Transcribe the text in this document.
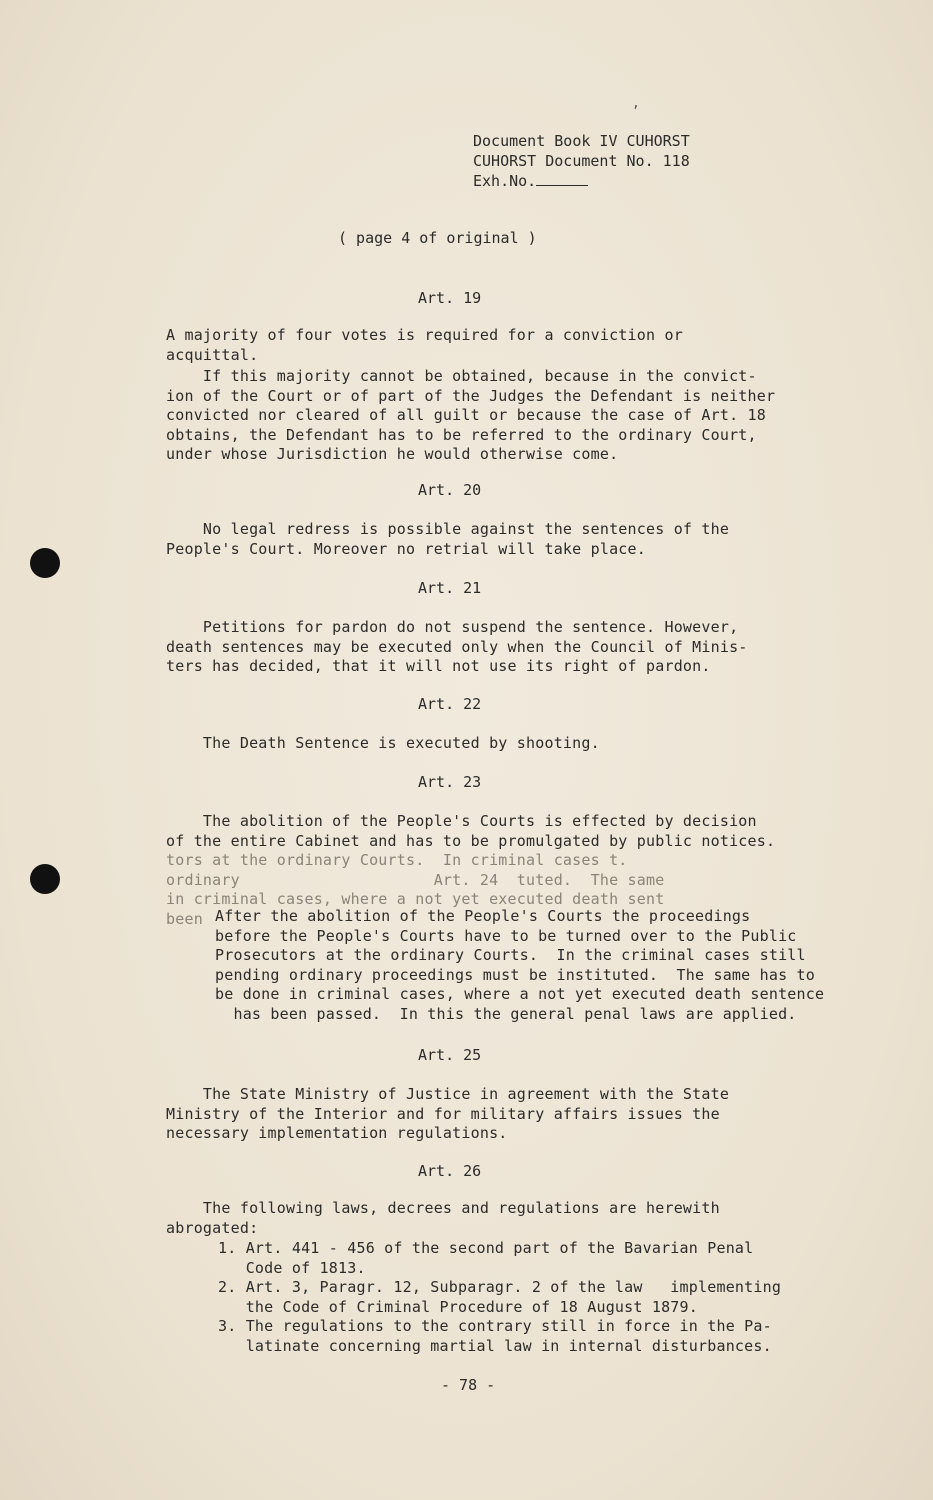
,
Document Book IV CUHORST
CUHORST Document No. 118
Exh.No.
( page 4 of original )
Art. 19
A majority of four votes is required for a conviction or
acquittal.
If this majority cannot be obtained, because in the convict-
ion of the Court or of part of the Judges the Defendant is neither
convicted nor cleared of all guilt or because the case of Art. 18
obtains, the Defendant has to be referred to the ordinary Court,
under whose Jurisdiction he would otherwise come.
Art. 20
No legal redress is possible against the sentences of the
People's Court. Moreover no retrial will take place.
Art. 21
Petitions for pardon do not suspend the sentence. However,
death sentences may be executed only when the Council of Minis-
ters has decided, that it will not use its right of pardon.
Art. 22
The Death Sentence is executed by shooting.
Art. 23
The abolition of the People's Courts is effected by decision
of the entire Cabinet and has to be promulgated by public notices.
tors at the ordinary Courts.  In criminal cases t.
ordinary                     Art. 24  tuted.  The same
in criminal cases, where a not yet executed death sent
been After the abolition of the People's Courts the proceedings
before the People's Courts have to be turned over to the Public
Prosecutors at the ordinary Courts.  In the criminal cases still
pending ordinary proceedings must be instituted.  The same has to
be done in criminal cases, where a not yet executed death sentence
has been passed.  In this the general penal laws are applied.
Art. 25
The State Ministry of Justice in agreement with the State
Ministry of the Interior and for military affairs issues the
necessary implementation regulations.
Art. 26
The following laws, decrees and regulations are herewith
abrogated:
1. Art. 441 - 456 of the second part of the Bavarian Penal
Code of 1813.
2. Art. 3, Paragr. 12, Subparagr. 2 of the law   implementing
the Code of Criminal Procedure of 18 August 1879.
3. The regulations to the contrary still in force in the Pa-
latinate concerning martial law in internal disturbances.
- 78 -
